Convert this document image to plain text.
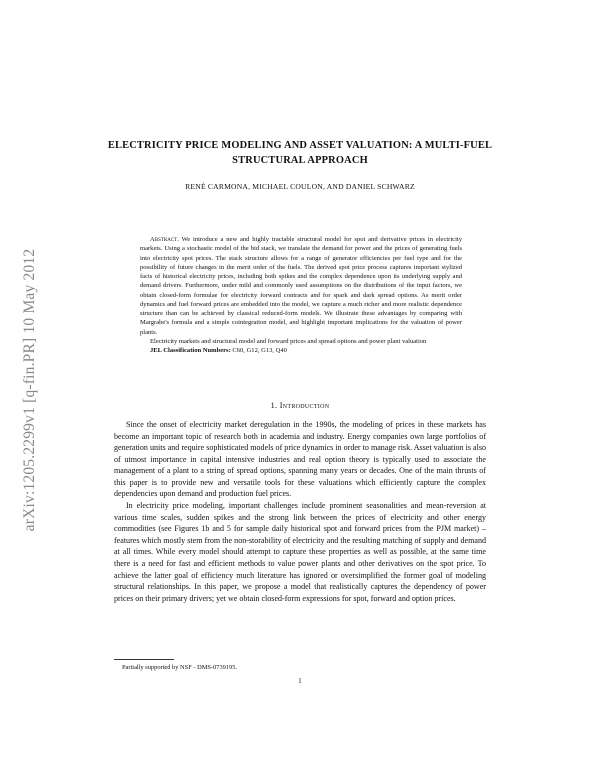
arXiv:1205.2299v1 [q-fin.PR] 10 May 2012
ELECTRICITY PRICE MODELING AND ASSET VALUATION: A MULTI-FUEL STRUCTURAL APPROACH
RENÉ CARMONA, MICHAEL COULON, AND DANIEL SCHWARZ

Abstract. We introduce a new and highly tractable structural model for spot and derivative prices in electricity markets. Using a stochastic model of the bid stack, we translate the demand for power and the prices of generating fuels into electricity spot prices. The stack structure allows for a range of generator efficiencies per fuel type and for the possibility of future changes in the merit order of the fuels. The derived spot price process captures important stylized facts of historical electricity prices, including both spikes and the complex dependence upon its underlying supply and demand drivers. Furthermore, under mild and commonly used assumptions on the distributions of the input factors, we obtain closed-form formulae for electricity forward contracts and for spark and dark spread options. As merit order dynamics and fuel forward prices are embedded into the model, we capture a much richer and more realistic dependence structure than can be achieved by classical reduced-form models. We illustrate these advantages by comparing with Margrabe's formula and a simple cointegration model, and highlight important implications for the valuation of power plants.

Electricity markets and structural model and forward prices and spread options and power plant valuation

JEL Classification Numbers: C60, G12, G13, Q40

1. Introduction

Since the onset of electricity market deregulation in the 1990s, the modeling of prices in these markets has become an important topic of research both in academia and industry. Energy companies own large portfolios of generation units and require sophisticated models of price dynamics in order to manage risk. Asset valuation is also of utmost importance in capital intensive industries and real option theory is typically used to associate the management of a plant to a string of spread options, spanning many years or decades. One of the main thrusts of this paper is to provide new and versatile tools for these valuations which efficiently capture the complex dependencies upon demand and production fuel prices.

In electricity price modeling, important challenges include prominent seasonalities and mean-reversion at various time scales, sudden spikes and the strong link between the prices of electricity and other energy commodities (see Figures 1b and 5 for sample daily historical spot and forward prices from the PJM market) – features which mostly stem from the non-storability of electricity and the resulting matching of supply and demand at all times. While every model should attempt to capture these properties as well as possible, at the same time there is a need for fast and efficient methods to value power plants and other derivatives on the spot price. To achieve the latter goal of efficiency much literature has ignored or oversimplified the former goal of modeling structural relationships. In this paper, we propose a model that realistically captures the dependency of power prices on their primary drivers; yet we obtain closed-form expressions for spot, forward and option prices.

Partially supported by NSF - DMS-0739195.
1
